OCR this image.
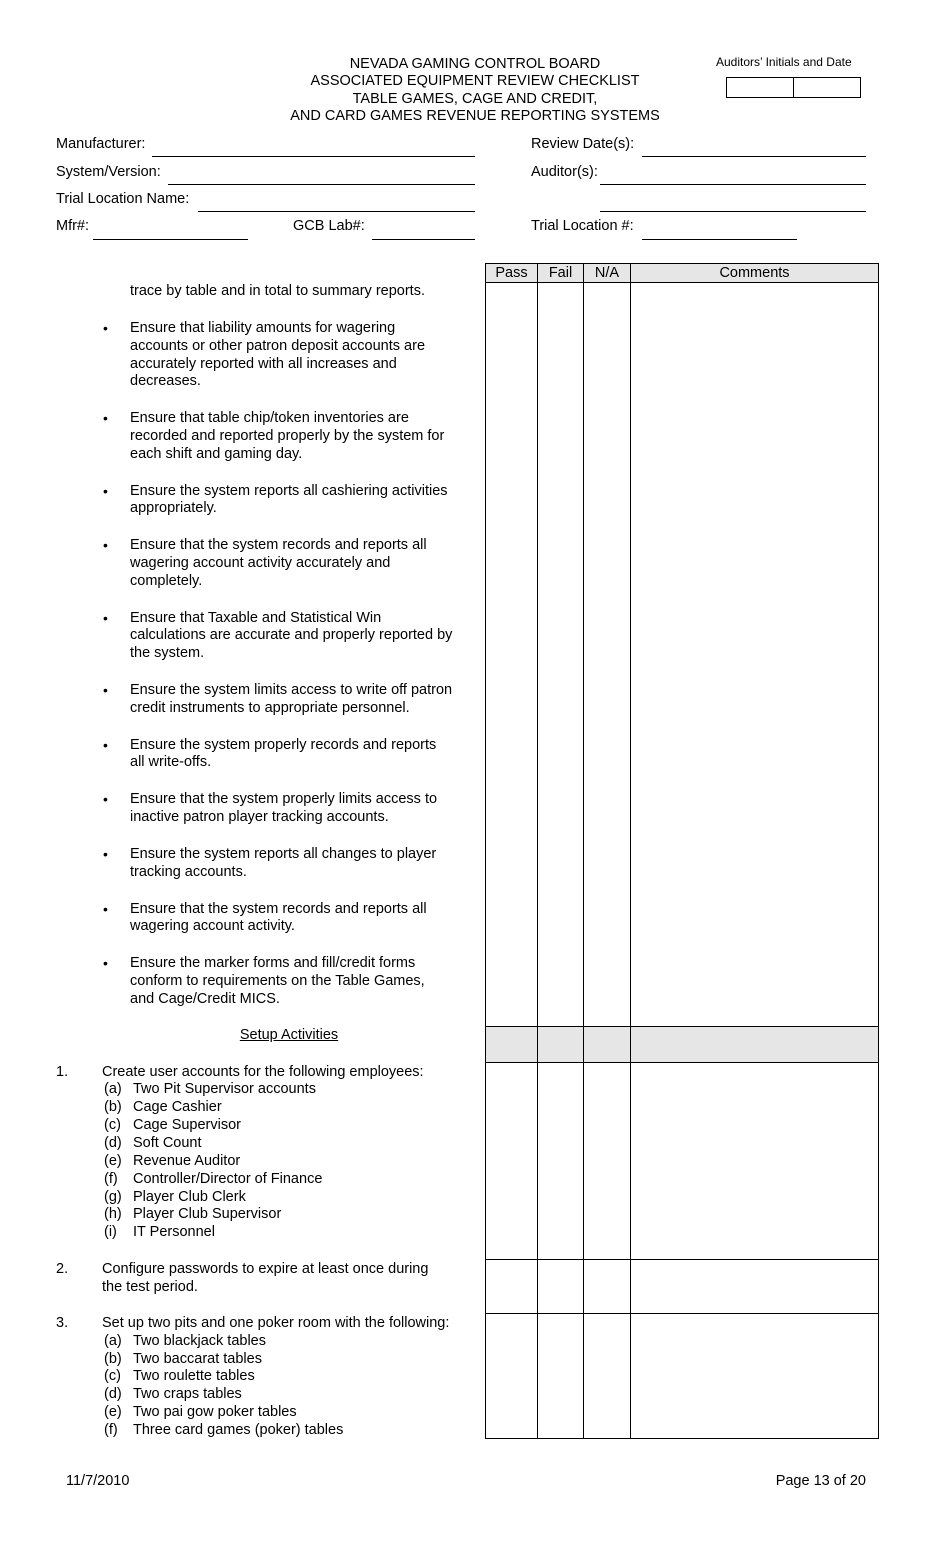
NEVADA GAMING CONTROL BOARD
ASSOCIATED EQUIPMENT REVIEW CHECKLIST
TABLE GAMES, CAGE AND CREDIT,
AND CARD GAMES REVENUE REPORTING SYSTEMS
Auditors’ Initials and Date
Manufacturer:
System/Version:
Trial Location Name:
Mfr#:	GCB Lab#:
Review Date(s):
Auditor(s):
Trial Location #:
Pass	Fail	N/A	Comments
trace by table and in total to summary reports.
• Ensure that liability amounts for wagering
accounts or other patron deposit accounts are
accurately reported with all increases and
decreases.
• Ensure that table chip/token inventories are
recorded and reported properly by the system for
each shift and gaming day.
• Ensure the system reports all cashiering activities
appropriately.
• Ensure that the system records and reports all
wagering account activity accurately and
completely.
• Ensure that Taxable and Statistical Win
calculations are accurate and properly reported by
the system.
• Ensure the system limits access to write off patron
credit instruments to appropriate personnel.
• Ensure the system properly records and reports
all write-offs.
• Ensure that the system properly limits access to
inactive patron player tracking accounts.
• Ensure the system reports all changes to player
tracking accounts.
• Ensure that the system records and reports all
wagering account activity.
• Ensure the marker forms and fill/credit forms
conform to requirements on the Table Games,
and Cage/Credit MICS.
Setup Activities
1. Create user accounts for the following employees:
(a) Two Pit Supervisor accounts
(b) Cage Cashier
(c) Cage Supervisor
(d) Soft Count
(e) Revenue Auditor
(f) Controller/Director of Finance
(g) Player Club Clerk
(h) Player Club Supervisor
(i) IT Personnel
2. Configure passwords to expire at least once during
the test period.
3. Set up two pits and one poker room with the following:
(a) Two blackjack tables
(b) Two baccarat tables
(c) Two roulette tables
(d) Two craps tables
(e) Two pai gow poker tables
(f) Three card games (poker) tables
11/7/2010	Page 13 of 20
